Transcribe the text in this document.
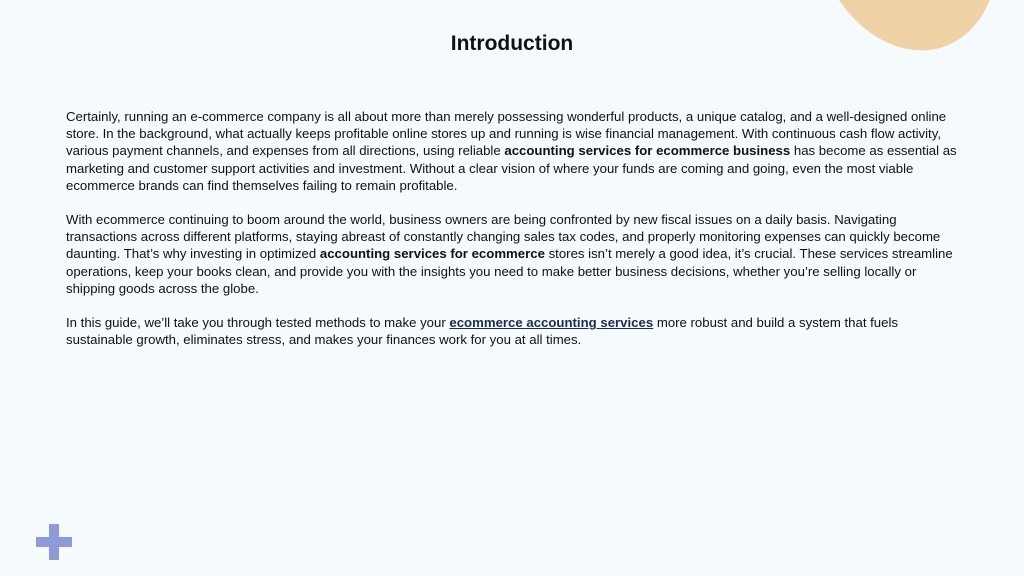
Introduction

Certainly, running an e-commerce company is all about more than merely possessing wonderful products, a unique catalog, and a well-designed online store. In the background, what actually keeps profitable online stores up and running is wise financial management. With continuous cash flow activity, various payment channels, and expenses from all directions, using reliable accounting services for ecommerce business has become as essential as marketing and customer support activities and investment. Without a clear vision of where your funds are coming and going, even the most viable ecommerce brands can find themselves failing to remain profitable.

With ecommerce continuing to boom around the world, business owners are being confronted by new fiscal issues on a daily basis. Navigating transactions across different platforms, staying abreast of constantly changing sales tax codes, and properly monitoring expenses can quickly become daunting. That’s why investing in optimized accounting services for ecommerce stores isn’t merely a good idea, it’s crucial. These services streamline operations, keep your books clean, and provide you with the insights you need to make better business decisions, whether you’re selling locally or shipping goods across the globe.

In this guide, we’ll take you through tested methods to make your ecommerce accounting services more robust and build a system that fuels sustainable growth, eliminates stress, and makes your finances work for you at all times.
